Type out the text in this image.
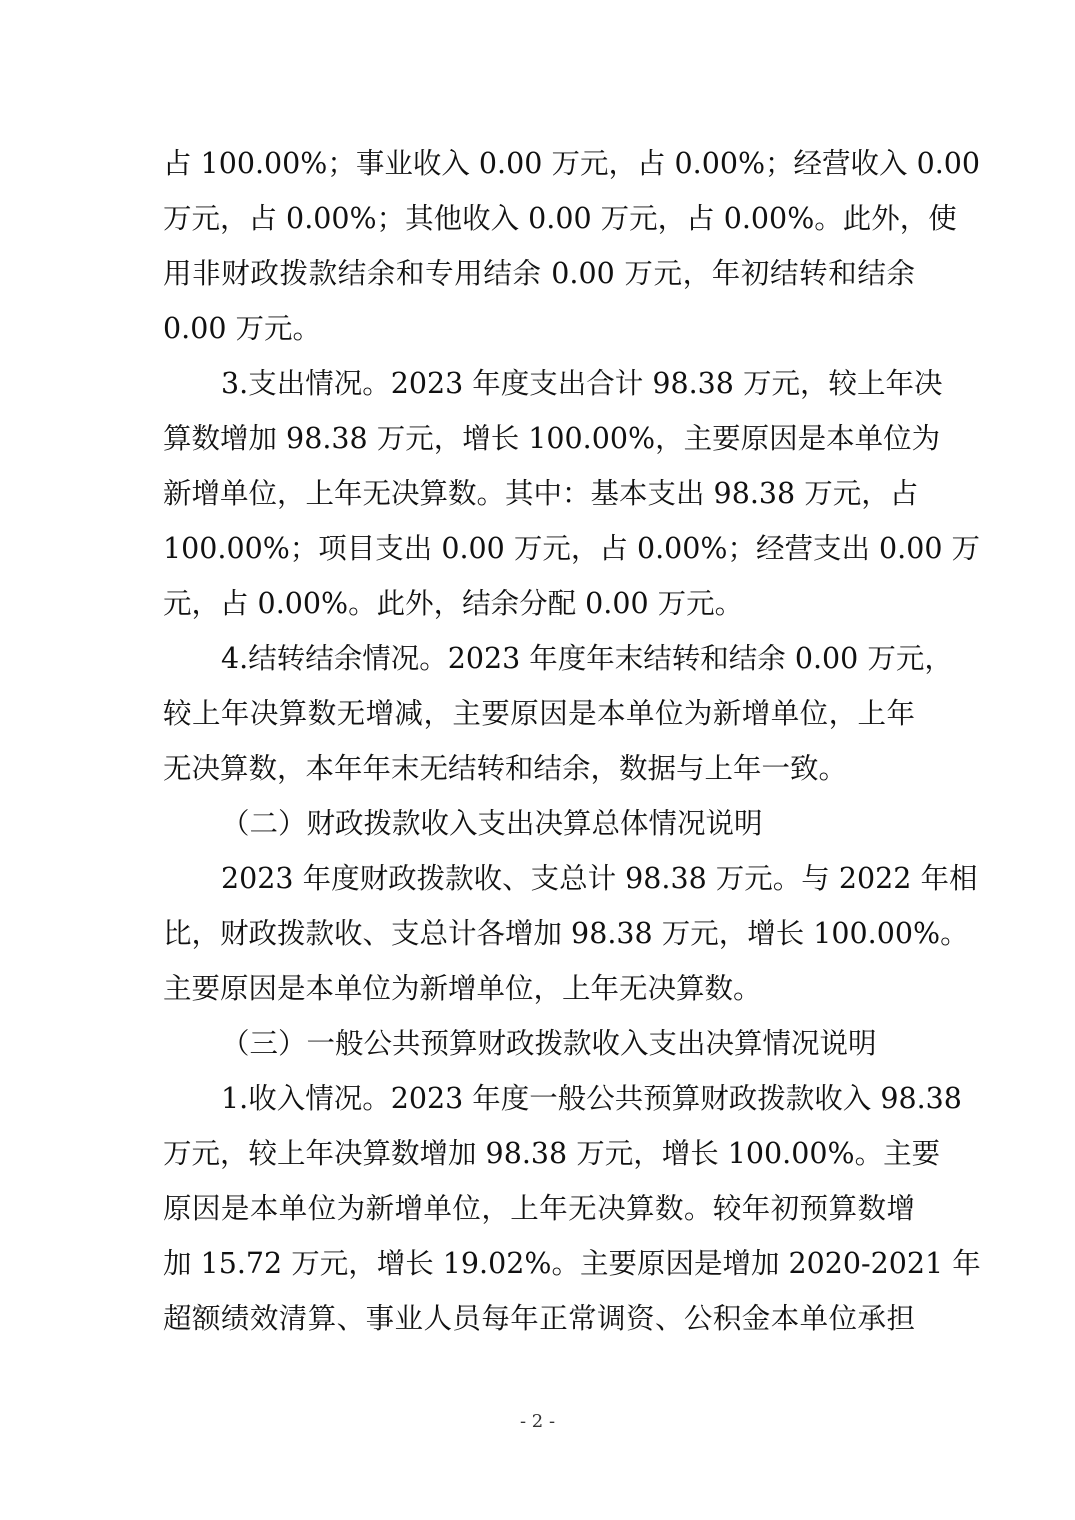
占 100.00%；事业收入 0.00 万元，占 0.00%；经营收入 0.00
万元，占 0.00%；其他收入 0.00 万元，占 0.00%。此外，使
用非财政拨款结余和专用结余 0.00 万元，年初结转和结余
0.00 万元。
3.支出情况。2023 年度支出合计 98.38 万元，较上年决
算数增加 98.38 万元，增长 100.00%，主要原因是本单位为
新增单位，上年无决算数。其中：基本支出 98.38 万元，占
100.00%；项目支出 0.00 万元，占 0.00%；经营支出 0.00 万
元，占 0.00%。此外，结余分配 0.00 万元。
4.结转结余情况。2023 年度年末结转和结余 0.00 万元，
较上年决算数无增减，主要原因是本单位为新增单位，上年
无决算数，本年年末无结转和结余，数据与上年一致。
（二）财政拨款收入支出决算总体情况说明
2023 年度财政拨款收、支总计 98.38 万元。与 2022 年相
比，财政拨款收、支总计各增加 98.38 万元，增长 100.00%。
主要原因是本单位为新增单位，上年无决算数。
（三）一般公共预算财政拨款收入支出决算情况说明
1.收入情况。2023 年度一般公共预算财政拨款收入 98.38
万元，较上年决算数增加 98.38 万元，增长 100.00%。主要
原因是本单位为新增单位，上年无决算数。较年初预算数增
加 15.72 万元，增长 19.02%。主要原因是增加 2020-2021 年
超额绩效清算、事业人员每年正常调资、公积金本单位承担
- 2 -
